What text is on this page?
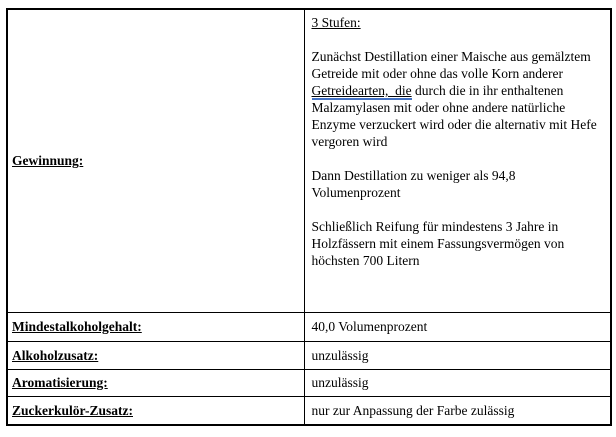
Gewinnung:	3 Stufen:

Zunächst Destillation einer Maische aus gemälztem Getreide mit oder ohne das volle Korn anderer Getreidearten,  die durch die in ihr enthaltenen Malzamylasen mit oder ohne andere natürliche Enzyme verzuckert wird oder die alternativ mit Hefe vergoren wird

Dann Destillation zu weniger als 94,8 Volumenprozent

Schließlich Reifung für mindestens 3 Jahre in Holzfässern mit einem Fassungsvermögen von höchsten 700 Litern

Mindestalkoholgehalt:	40,0 Volumenprozent
Alkoholzusatz:	unzulässig
Aromatisierung:	unzulässig
Zuckerkulör-Zusatz:	nur zur Anpassung der Farbe zulässig
